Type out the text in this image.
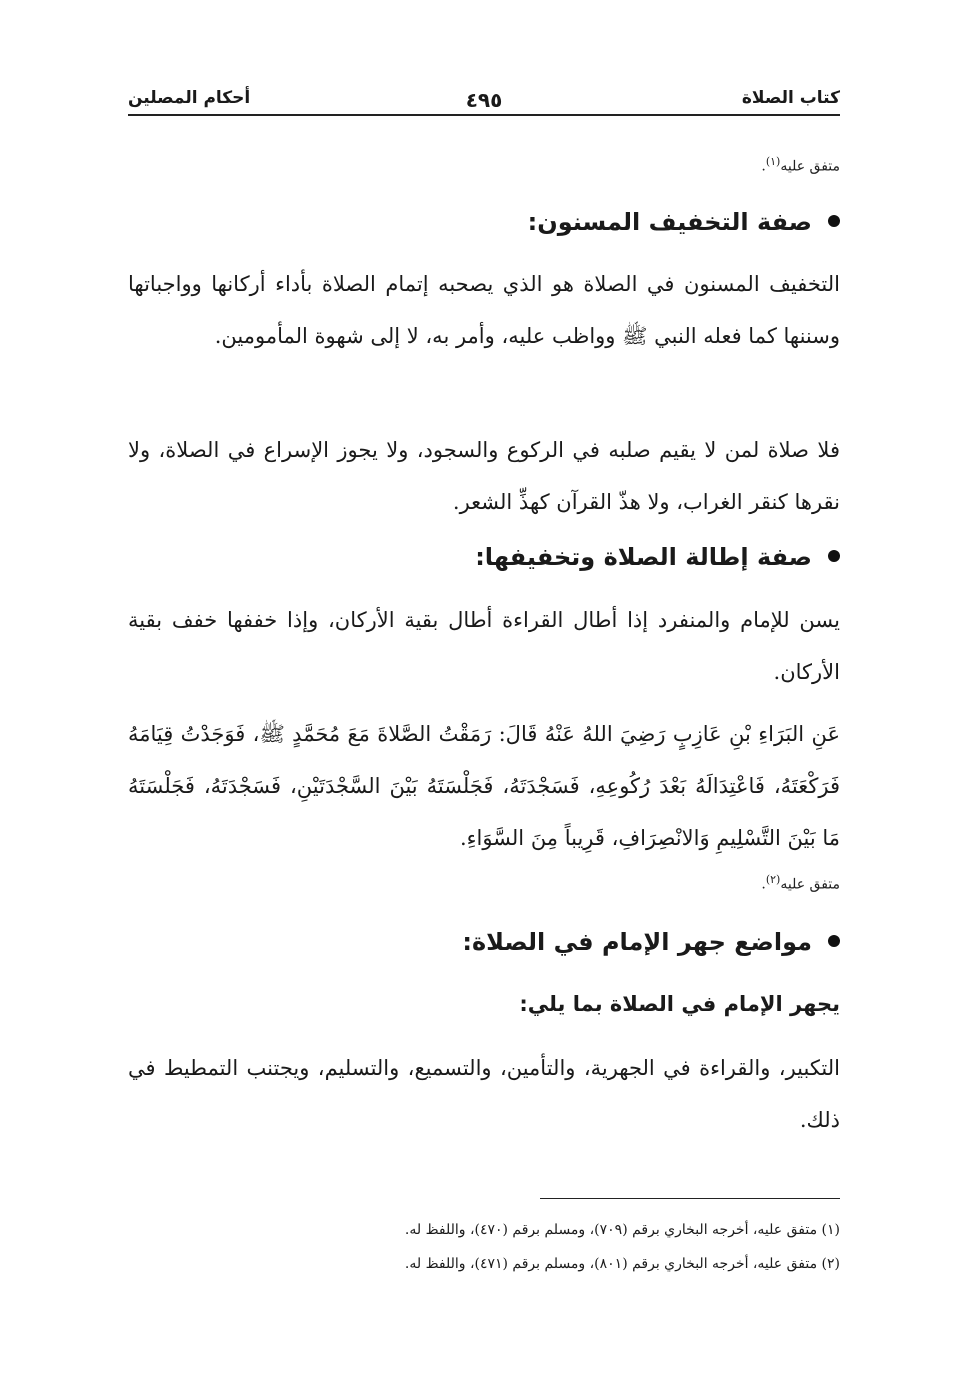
كتاب الصلاة
٤٩٥
أحكام المصلين
متفق عليه$^{(١)}$.
صفة التخفيف المسنون:
التخفيف المسنون في الصلاة هو الذي يصحبه إتمام الصلاة بأداء أركانها وواجباتها وسننها كما فعله النبي ﷺ وواظب عليه، وأمر به، لا إلى شهوة المأمومين.
فلا صلاة لمن لا يقيم صلبه في الركوع والسجود، ولا يجوز الإسراع في الصلاة، ولا نقرها كنقر الغراب، ولا هذّ القرآن كهذِّ الشعر.
صفة إطالة الصلاة وتخفيفها:
يسن للإمام والمنفرد إذا أطال القراءة أطال بقية الأركان، وإذا خففها خفف بقية الأركان.
عَنِ البَرَاءِ بْنِ عَازِبٍ رَضِيَ اللهُ عَنْهُ قَالَ: رَمَقْتُ الصَّلاةَ مَعَ مُحَمَّدٍ ﷺ، فَوَجَدْتُ قِيَامَهُ فَرَكْعَتَهُ، فَاعْتِدَالَهُ بَعْدَ رُكُوعِهِ، فَسَجْدَتَهُ، فَجَلْسَتَهُ بَيْنَ السَّجْدَتَيْنِ، فَسَجْدَتَهُ، فَجَلْسَتَهُ مَا بَيْنَ التَّسْلِيمِ وَالانْصِرَافِ، قَرِيباً مِنَ السَّوَاءِ.
متفق عليه$^{(٢)}$.
مواضع جهر الإمام في الصلاة:
يجهر الإمام في الصلاة بما يلي:
التكبير، والقراءة في الجهرية، والتأمين، والتسميع، والتسليم، ويجتنب التمطيط في ذلك.
(١) متفق عليه، أخرجه البخاري برقم (٧٠٩)، ومسلم برقم (٤٧٠)، واللفظ له.
(٢) متفق عليه، أخرجه البخاري برقم (٨٠١)، ومسلم برقم (٤٧١)، واللفظ له.
